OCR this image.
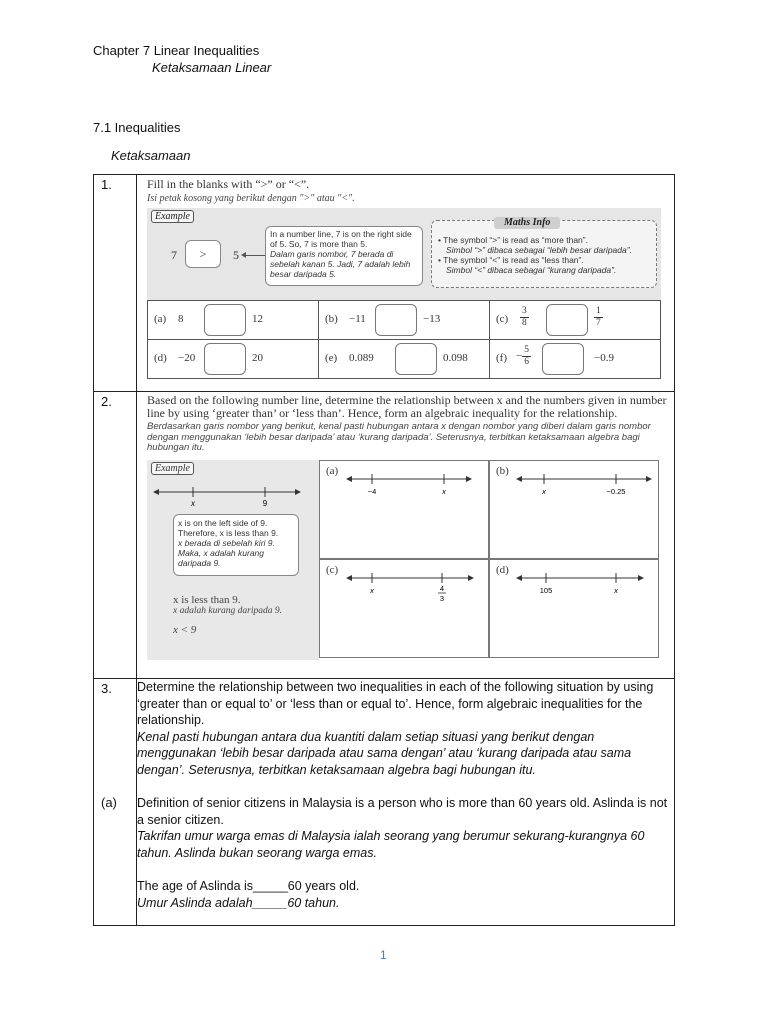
Chapter 7 Linear Inequalities
Ketaksamaan Linear
7.1 Inequalities
Ketaksamaan
1.	Fill in the blanks with “>” or “<”.
Isi petak kosong yang berikut dengan ">" atau "<".
Example
7	>	5
In a number line, 7 is on the right side of 5. So, 7 is more than 5.
Dalam garis nombor, 7 berada di sebelah kanan 5. Jadi, 7 adalah lebih besar daripada 5.
Maths Info
• The symbol “>” is read as “more than”.
Simbol “>” dibaca sebagai “lebih besar daripada”.
• The symbol “<” is read as “less than”.
Simbol “<” dibaca sebagai “kurang daripada”.
(a) 8	12	(b) −11	−13	$(c) \frac{3}{8}$	$\frac{1}{7}$

(d) −20	20	(e) 0.089	0.098	$(f) - \frac{5}{6}$	−0.9

2.	Based on the following number line, determine the relationship between x and the numbers given in number line by using ‘greater than’ or ‘less than’. Hence, form an algebraic inequality for the relationship.
Berdasarkan garis nombor yang berikut, kenal pasti hubungan antara x dengan nombor yang diberi dalam garis nombor dengan menggunakan ‘lebih besar daripada’ atau ‘kurang daripada’. Seterusnya, terbitkan ketaksamaan algebra bagi hubungan itu.
Example
x	9
x is on the left side of 9. Therefore, x is less than 9.
x berada di sebelah kiri 9. Maka, x adalah kurang daripada 9.
x is less than 9.
x adalah kurang daripada 9.
x < 9
(a)
−4	x
(b)
x	−0.25
(c)
x	4
3
(d)
105	x

3.
(a)

Determine the relationship between two inequalities in each of the following situation by using ‘greater than or equal to’ or ‘less than or equal to’. Hence, form algebraic inequalities for the relationship.

Kenal pasti hubungan antara dua kuantiti dalam setiap situasi yang berikut dengan menggunakan ‘lebih besar daripada atau sama dengan’ atau ‘kurang daripada atau sama dengan’. Seterusnya, terbitkan ketaksamaan algebra bagi hubungan itu.

Definition of senior citizens in Malaysia is a person who is more than 60 years old. Aslinda is not a senior citizen.

Takrifan umur warga emas di Malaysia ialah seorang yang berumur sekurang-kurangnya 60 tahun. Aslinda bukan seorang warga emas.

The age of Aslinda is_____60 years old.

Umur Aslinda adalah_____60 tahun.

1
